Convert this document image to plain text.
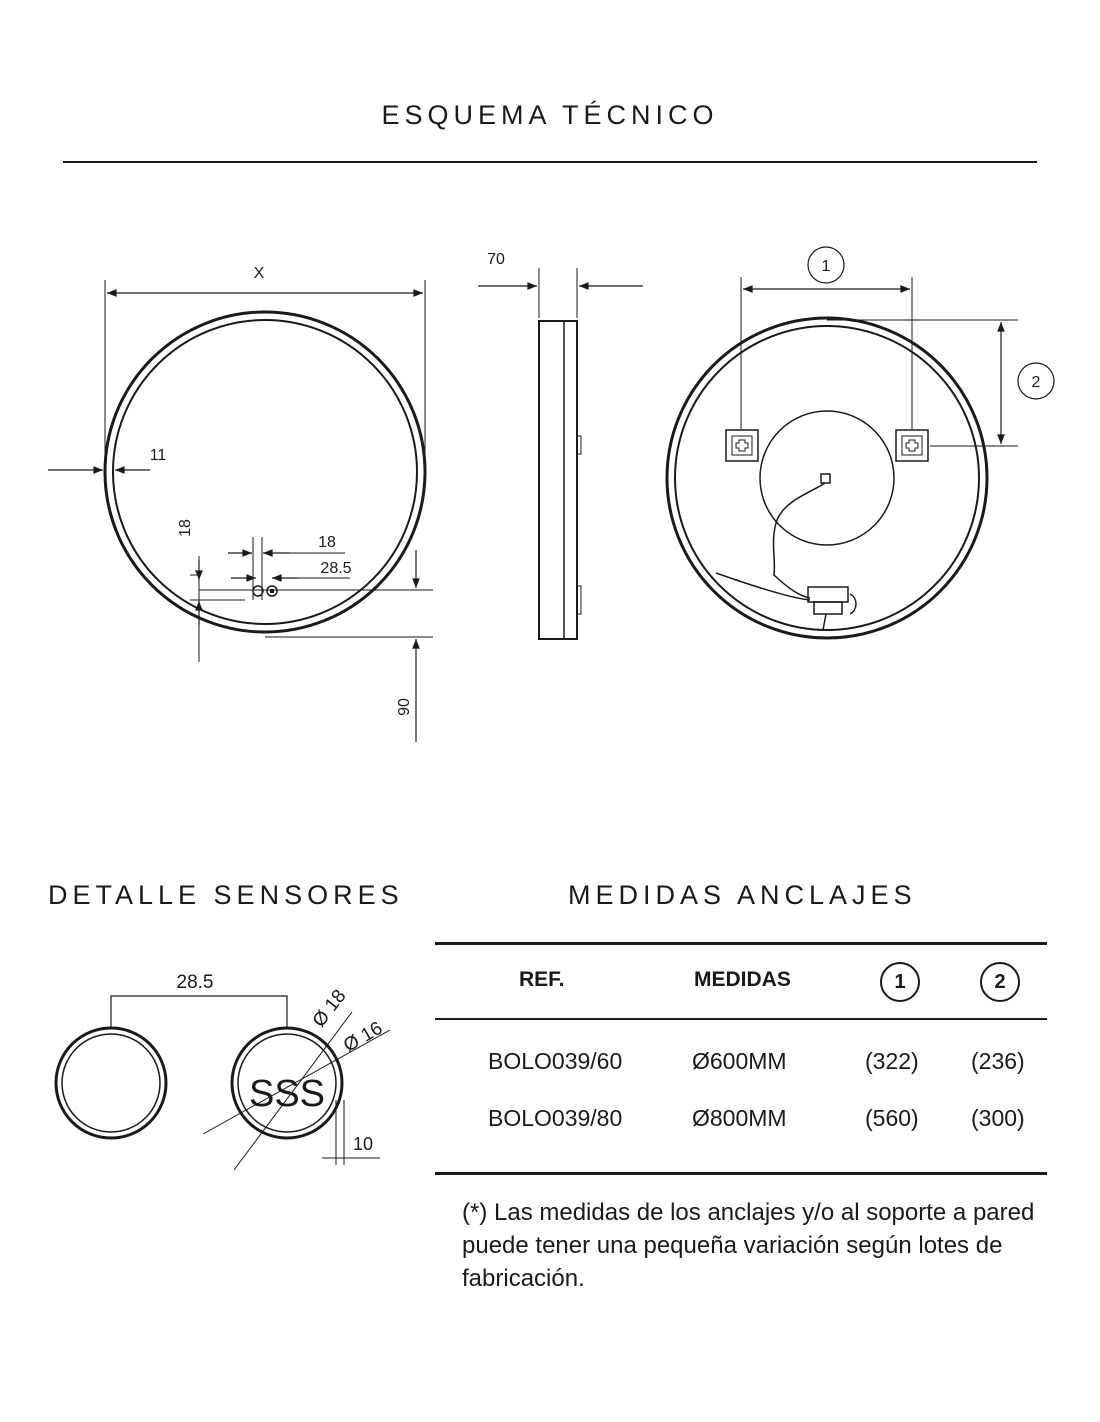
ESQUEMA TÉCNICO
X
11
18
18
28.5
90
70	1
2
28.5
Ø 18
Ø 16
SSS
10
DETALLE SENSORES	MEDIDAS ANCLAJES
REF.	MEDIDAS	1	2
BOLO039/60	Ø600MM	(322) (236)
BOLO039/80	Ø800MM	(560) (300)
(*) Las medidas de los anclajes y/o al soporte a pared puede tener una pequeña variación según lotes de fabricación.
